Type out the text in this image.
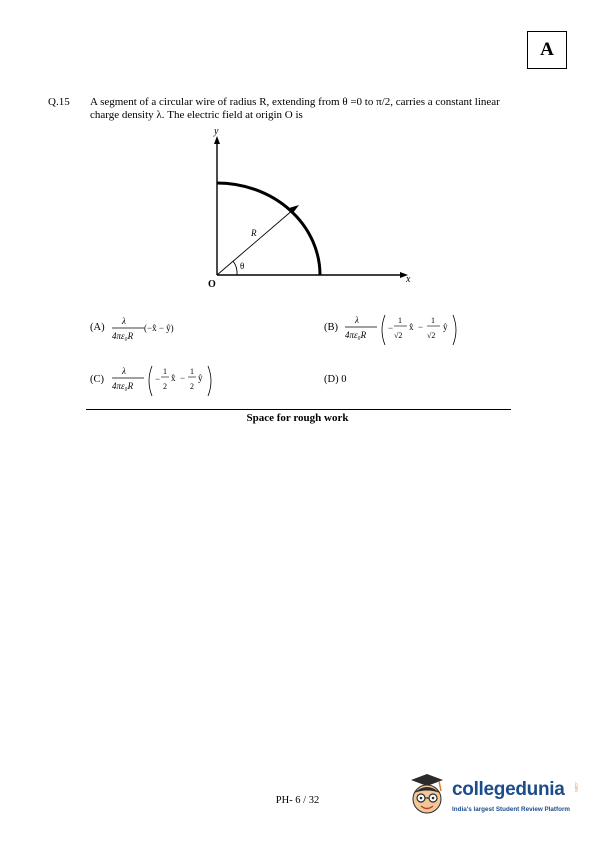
A
Q.15 A segment of a circular wire of radius R, extending from θ =0 to π/2, carries a constant linear
charge density λ. The electric field at origin O is
y
x
R
θ
O
(A)
λ
4πε₀R
(−x̂ − ŷ)	(B)
λ
4πε₀R
−
1
√2
x̂ −
1
√2
ŷ
(−1/√2 x̂ − 1/√2 ŷ)
(C)
λ
4πε₀R
−
1
2
x̂ −
1
2
ŷ
(−1/2 x̂ − 1/2 ŷ)
(D) 0
Space for rough work
PH- 6 / 32
collegedunia .com
India's largest Student Review Platform
